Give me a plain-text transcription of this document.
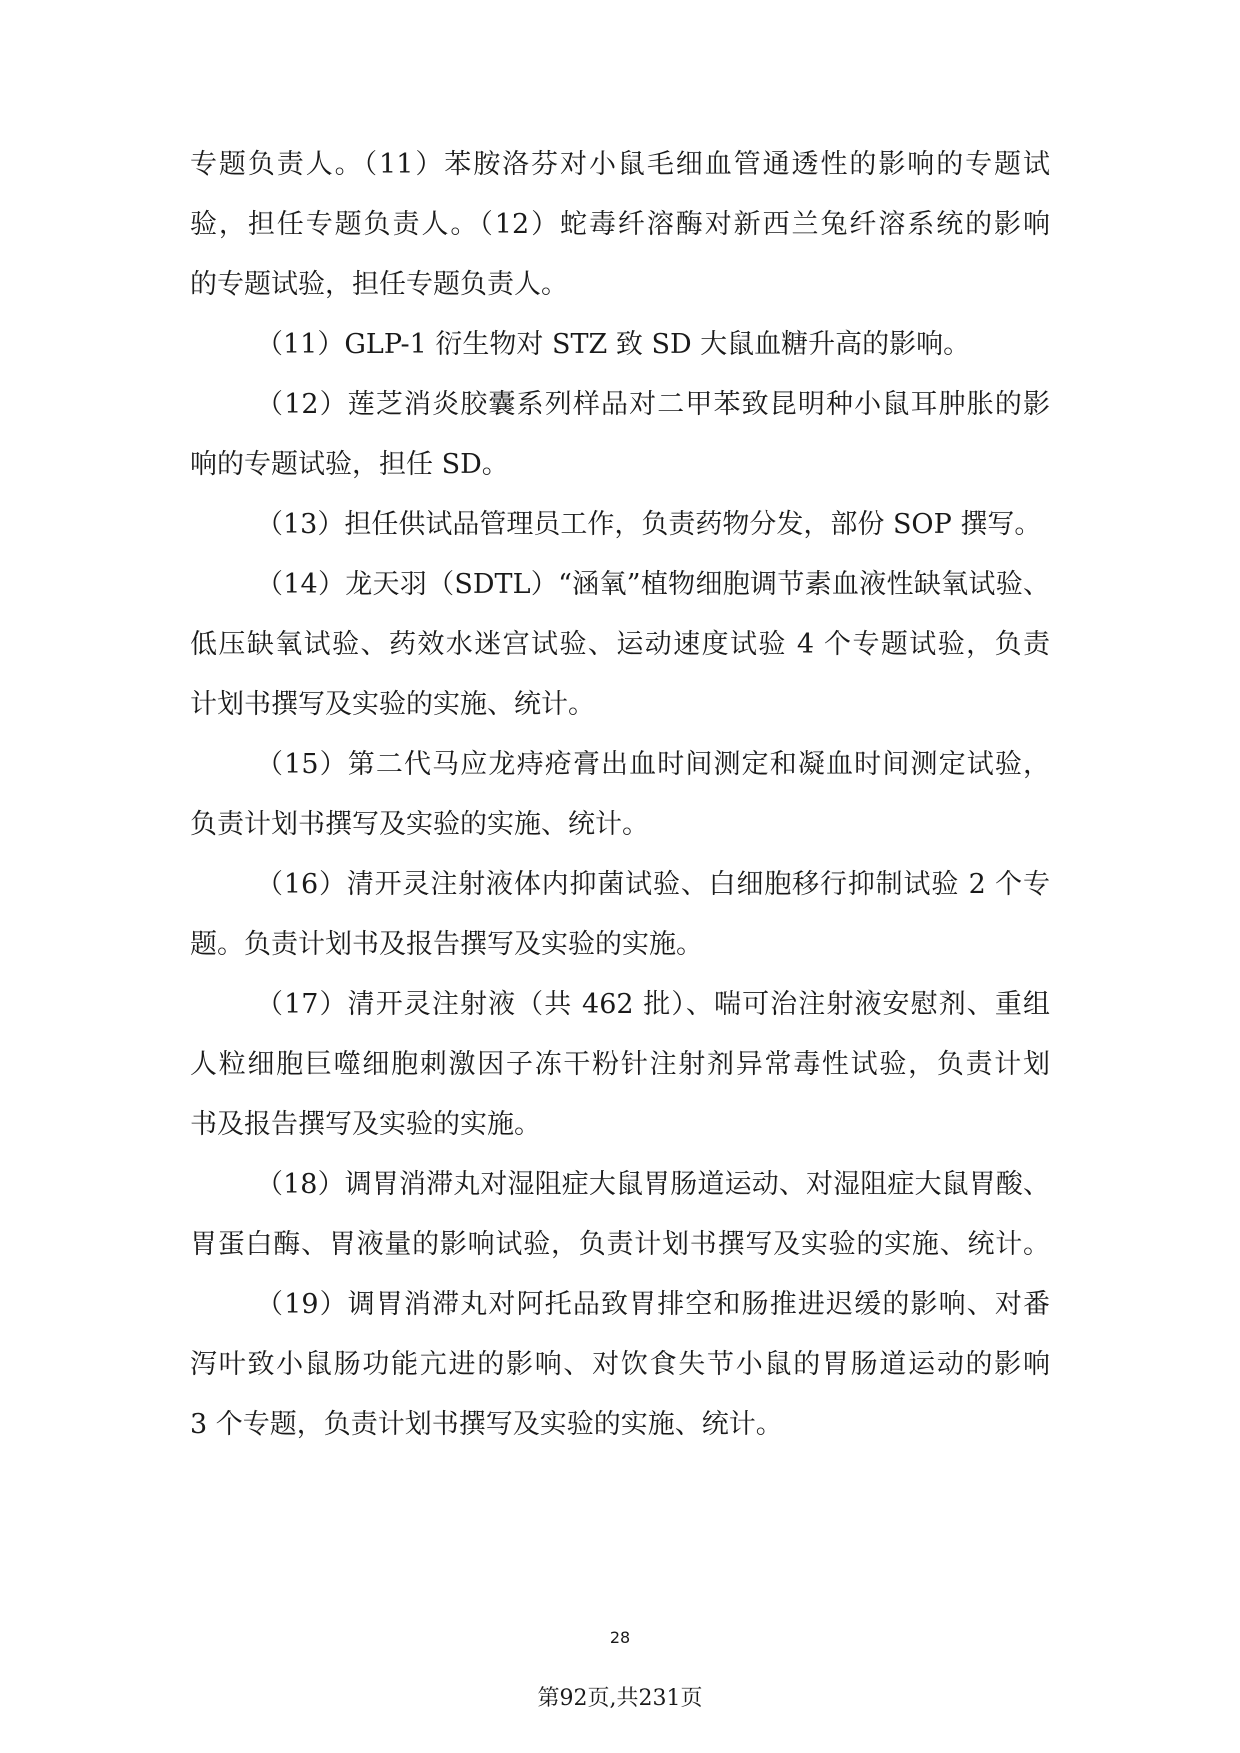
专题负责人。（11）苯胺洛芬对小鼠毛细血管通透性的影响的专题试
验，担任专题负责人。（12）蛇毒纤溶酶对新西兰兔纤溶系统的影响
的专题试验，担任专题负责人。
（11）GLP-1 衍生物对 STZ 致 SD 大鼠血糖升高的影响。
（12）莲芝消炎胶囊系列样品对二甲苯致昆明种小鼠耳肿胀的影
响的专题试验，担任 SD。
（13）担任供试品管理员工作，负责药物分发，部份 SOP 撰写。
（14）龙天羽（SDTL）“涵氧”植物细胞调节素血液性缺氧试验、
低压缺氧试验、药效水迷宫试验、运动速度试验 4 个专题试验，负责
计划书撰写及实验的实施、统计。
（15）第二代马应龙痔疮膏出血时间测定和凝血时间测定试验，
负责计划书撰写及实验的实施、统计。
（16）清开灵注射液体内抑菌试验、白细胞移行抑制试验 2 个专
题。负责计划书及报告撰写及实验的实施。
（17）清开灵注射液（共 462 批）、喘可治注射液安慰剂、重组
人粒细胞巨噬细胞刺激因子冻干粉针注射剂异常毒性试验，负责计划
书及报告撰写及实验的实施。
（18）调胃消滞丸对湿阻症大鼠胃肠道运动、对湿阻症大鼠胃酸、
胃蛋白酶、胃液量的影响试验，负责计划书撰写及实验的实施、统计。
（19）调胃消滞丸对阿托品致胃排空和肠推进迟缓的影响、对番
泻叶致小鼠肠功能亢进的影响、对饮食失节小鼠的胃肠道运动的影响
3 个专题，负责计划书撰写及实验的实施、统计。
28
第92页,共231页
